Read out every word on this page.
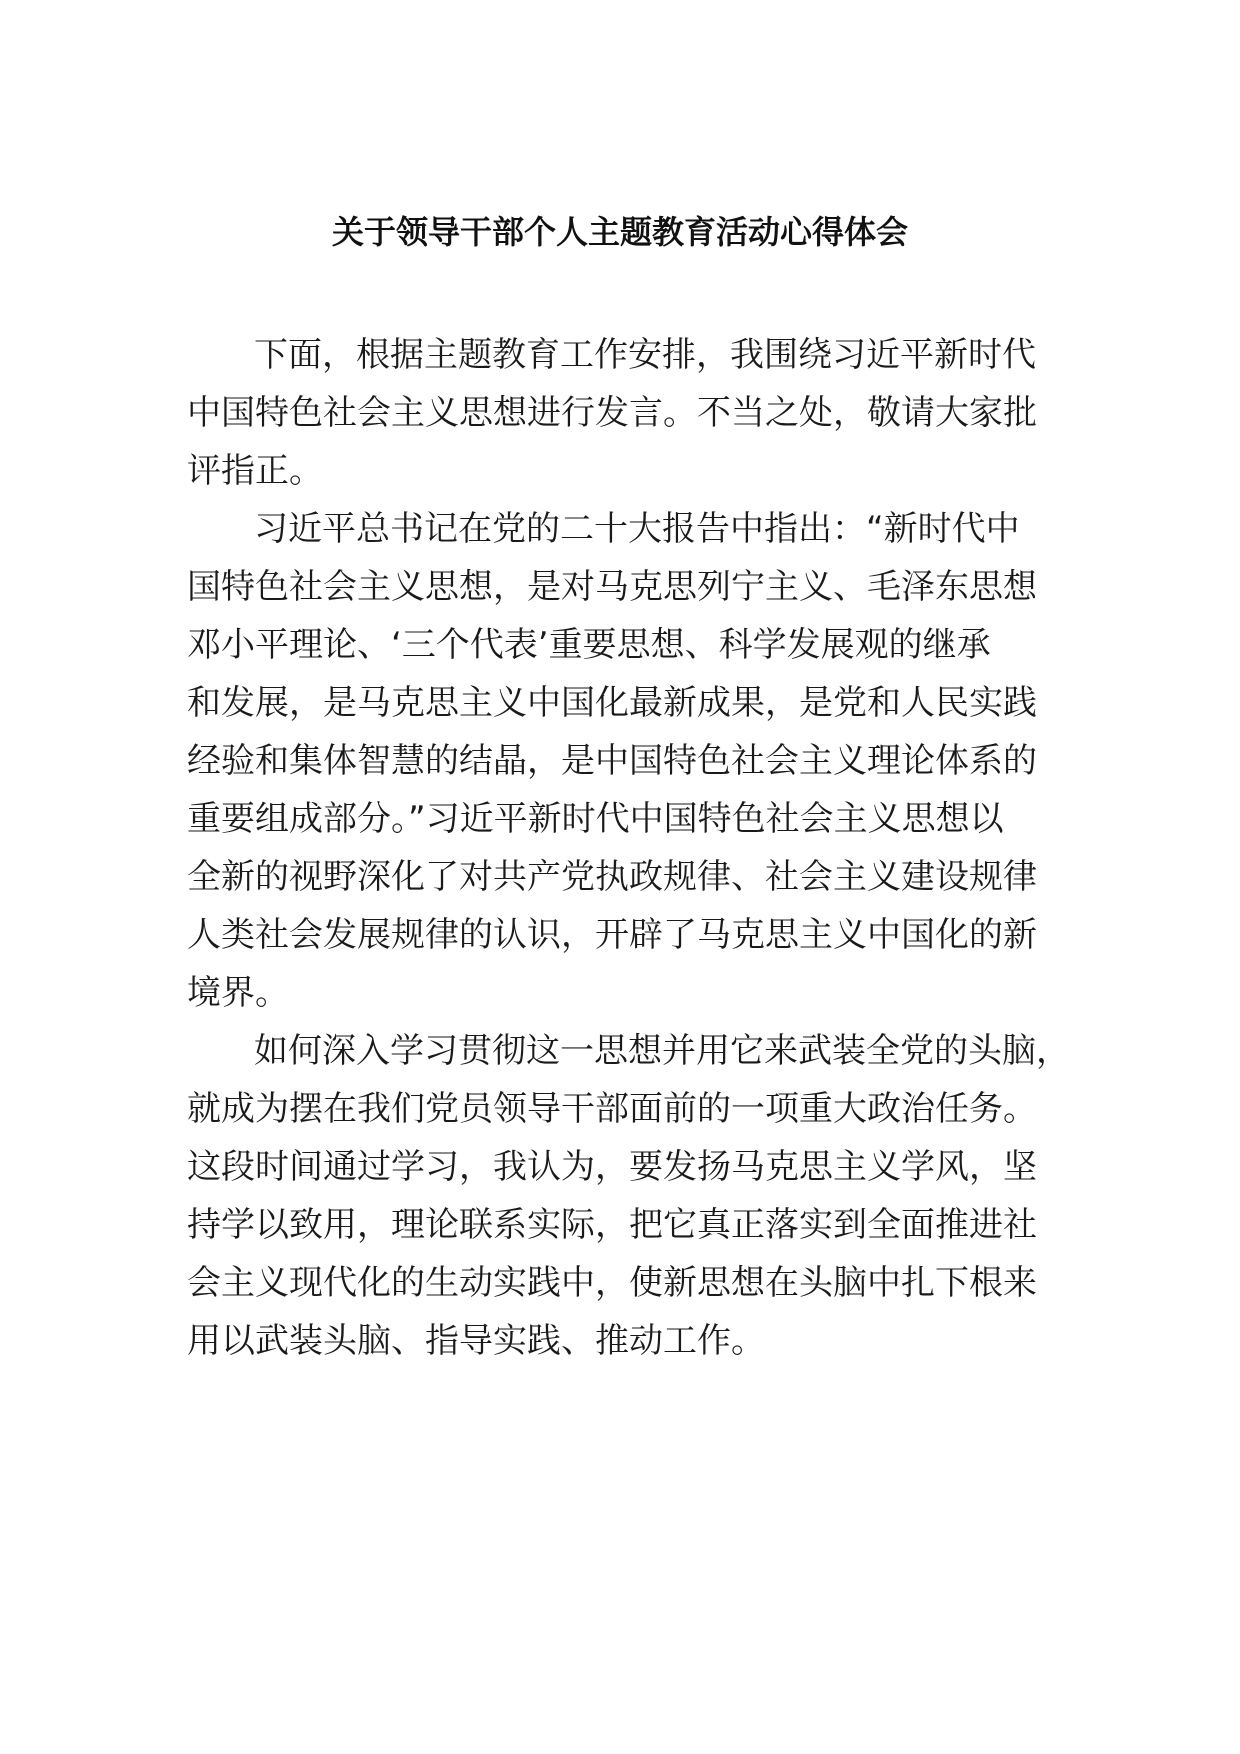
关于领导干部个人主题教育活动心得体会
下面，根据主题教育工作安排，我围绕习近平新时代
中国特色社会主义思想进行发言。不当之处，敬请大家批
评指正。
习近平总书记在党的二十大报告中指出：“新时代中
国特色社会主义思想，是对马克思列宁主义、毛泽东思想
邓小平理论、‘三个代表’重要思想、科学发展观的继承
和发展，是马克思主义中国化最新成果，是党和人民实践
经验和集体智慧的结晶，是中国特色社会主义理论体系的
重要组成部分。”习近平新时代中国特色社会主义思想以
全新的视野深化了对共产党执政规律、社会主义建设规律
人类社会发展规律的认识，开辟了马克思主义中国化的新
境界。
如何深入学习贯彻这一思想并用它来武装全党的头脑，
就成为摆在我们党员领导干部面前的一项重大政治任务。
这段时间通过学习，我认为，要发扬马克思主义学风，坚
持学以致用，理论联系实际，把它真正落实到全面推进社
会主义现代化的生动实践中，使新思想在头脑中扎下根来
用以武装头脑、指导实践、推动工作。
